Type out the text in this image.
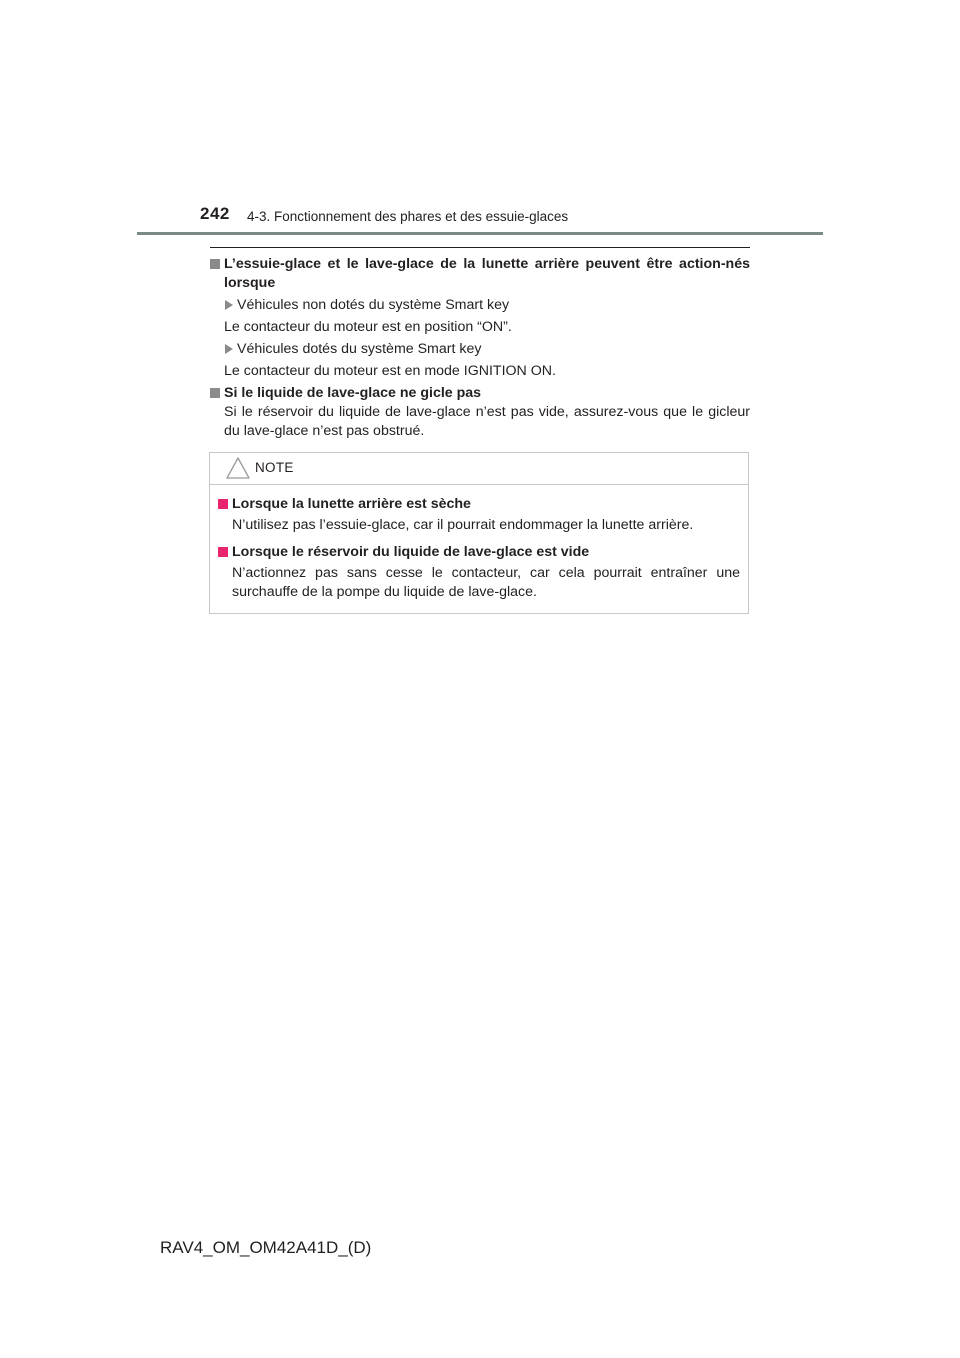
242 4-3. Fonctionnement des phares et des essuie-glaces

L’essuie-glace et le lave-glace de la lunette arrière peuvent être action-nés lorsque

Véhicules non dotés du système Smart key
Le contacteur du moteur est en position “ON”.
Véhicules dotés du système Smart key
Le contacteur du moteur est en mode IGNITION ON.

Si le liquide de lave-glace ne gicle pas

Si le réservoir du liquide de lave-glace n’est pas vide, assurez-vous que le gicleur du lave-glace n’est pas obstrué.
NOTE

Lorsque la lunette arrière est sèche

N’utilisez pas l’essuie-glace, car il pourrait endommager la lunette arrière.

Lorsque le réservoir du liquide de lave-glace est vide

N’actionnez pas sans cesse le contacteur, car cela pourrait entraîner une surchauffe de la pompe du liquide de lave-glace.
RAV4_OM_OM42A41D_(D)
